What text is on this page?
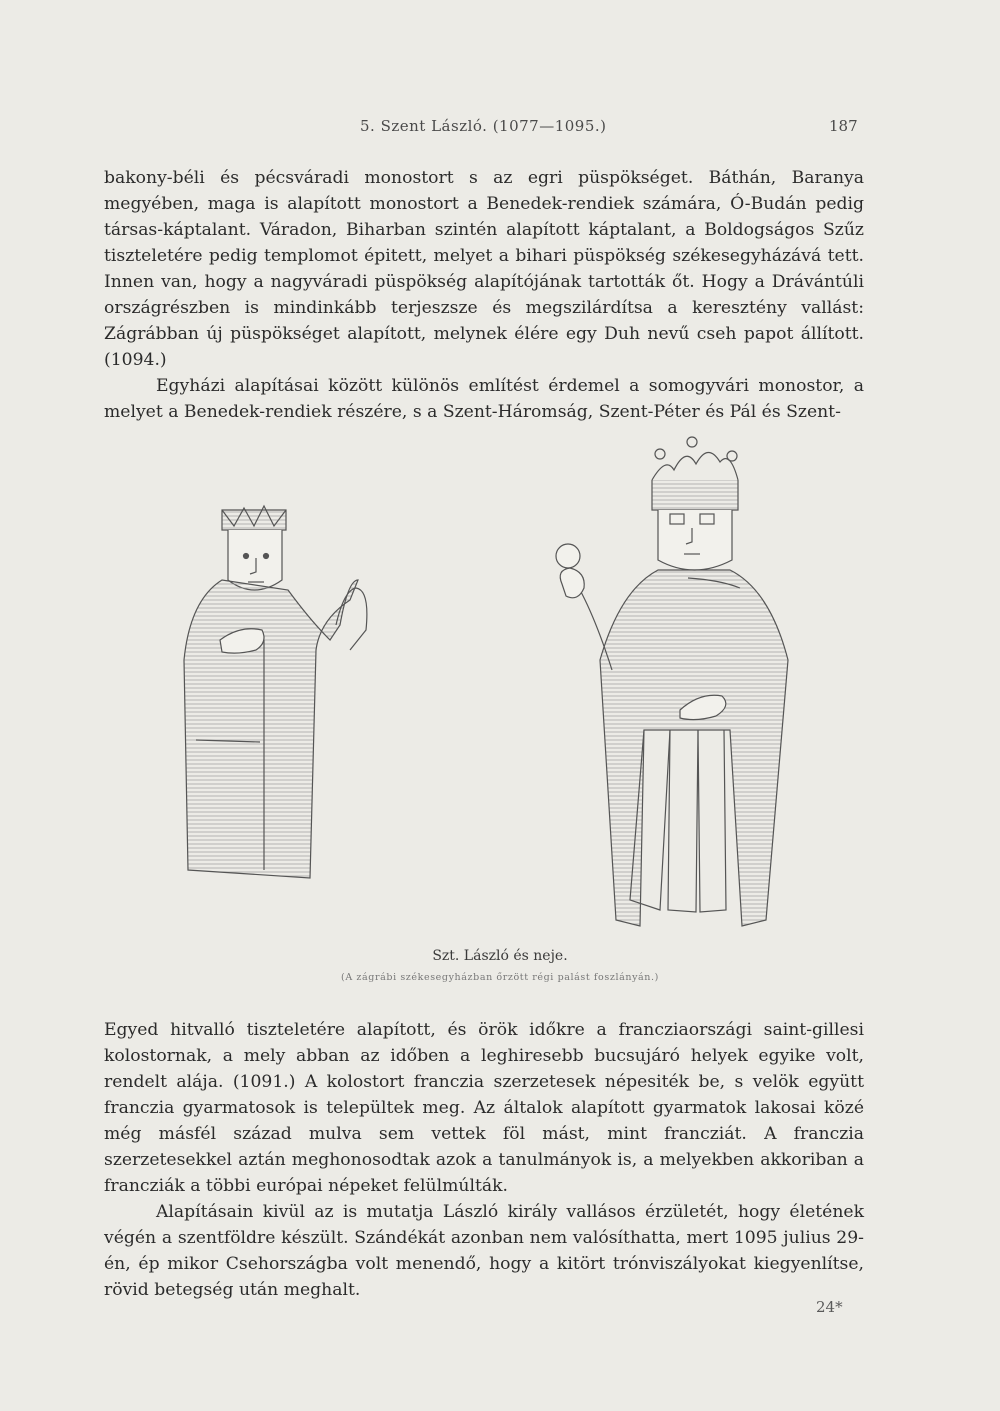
5. Szent László. (1077—1095.)	187

bakony-béli és pécsváradi monostort s az egri püspökséget. Báthán, Baranya megyében, maga is alapított monostort a Benedek-rendiek számára, Ó-Budán pedig társas-káptalant. Váradon, Biharban szintén alapított káptalant, a Boldogságos Szűz tiszteletére pedig templomot épitett, melyet a bihari püspökség székesegyházává tett. Innen van, hogy a nagyváradi püspökség alapítójának tartották őt. Hogy a Drávántúli országrészben is mindinkább terjeszsze és megszilárdítsa a keresztény vallást: Zágrábban új püspökséget alapított, melynek élére egy Duh nevű cseh papot állított. (1094.)

Egyházi alapításai között különös említést érdemel a somogyvári monostor, a melyet a Benedek-rendiek részére, s a Szent-Háromság, Szent-Péter és Pál és Szent-

Szt. László és neje.
(A zágrábi székesegyházban őrzött régi palást foszlányán.)

Egyed hitvalló tiszteletére alapított, és örök időkre a francziaországi saint-gillesi kolostornak, a mely abban az időben a leghiresebb bucsujáró helyek egyike volt, rendelt alája. (1091.) A kolostort franczia szerzetesek népesiték be, s velök együtt franczia gyarmatosok is települtek meg. Az általok alapított gyarmatok lakosai közé még másfél század mulva sem vettek föl mást, mint francziát. A franczia szerzetesekkel aztán meghonosodtak azok a tanulmányok is, a melyekben akkoriban a francziák a többi európai népeket felülmúlták.

Alapításain kivül az is mutatja László király vallásos érzületét, hogy életének végén a szentföldre készült. Szándékát azonban nem valósíthatta, mert 1095 julius 29-én, ép mikor Csehországba volt menendő, hogy a kitört trónviszályokat kiegyenlítse, rövid betegség után meghalt.

24*
